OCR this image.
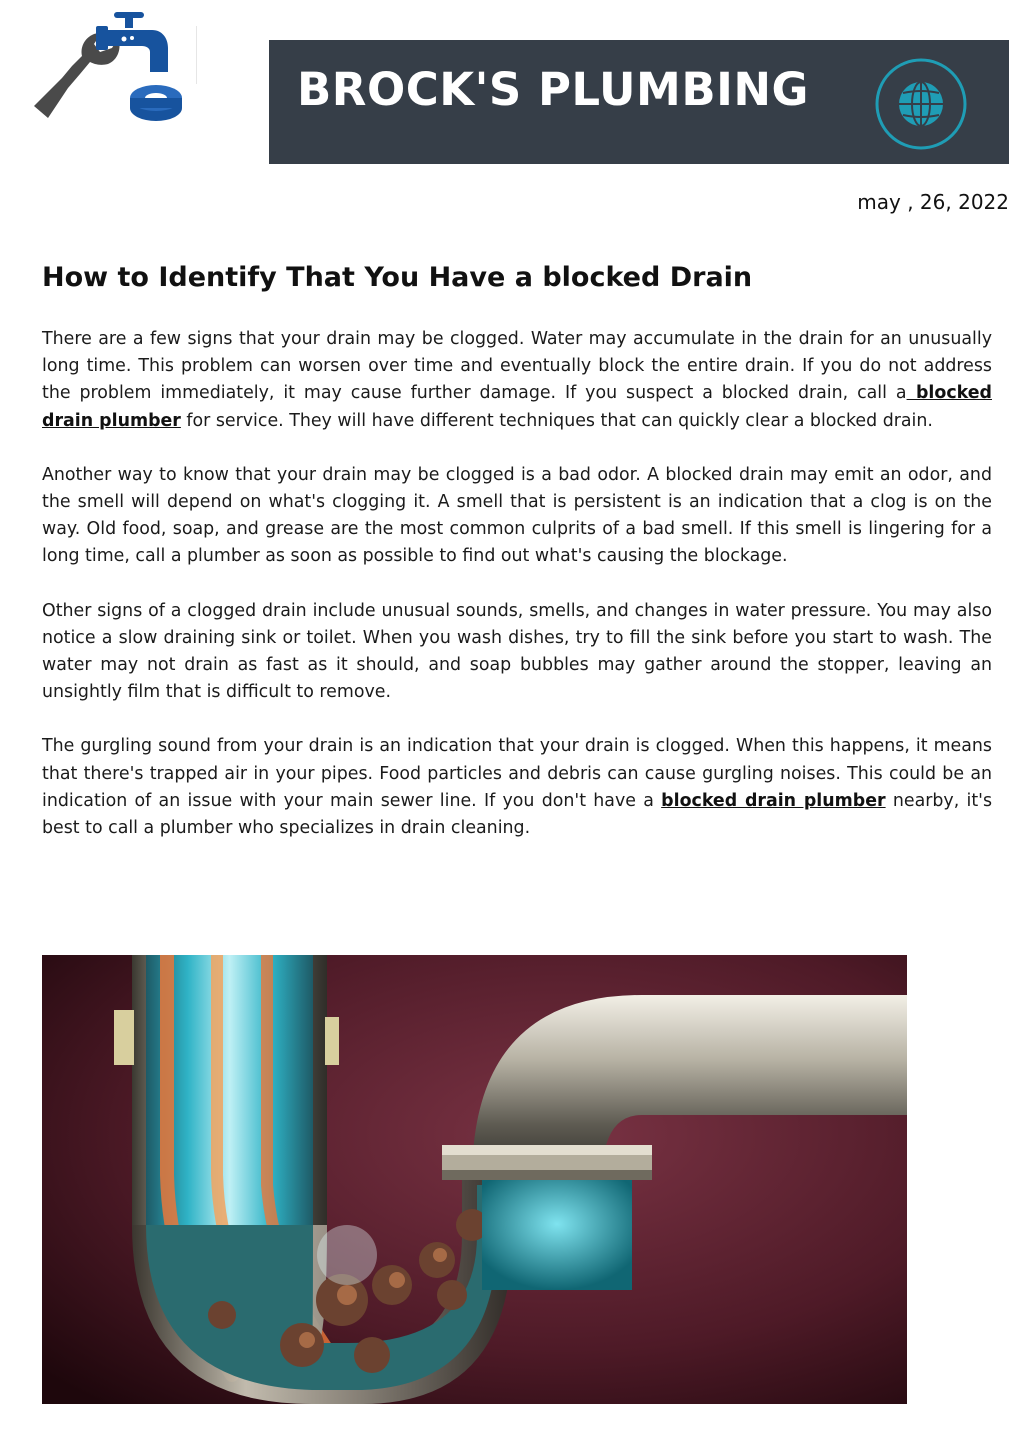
BROCK'S PLUMBING
may , 26, 2022
How to Identify That You Have a blocked Drain

There are a few signs that your drain may be clogged. Water may accumulate in the drain for an unusually long time. This problem can worsen over time and eventually block the entire drain. If you do not address the problem immediately, it may cause further damage. If you suspect a blocked drain, call a blocked drain plumber for service. They will have different techniques that can quickly clear a blocked drain.

Another way to know that your drain may be clogged is a bad odor. A blocked drain may emit an odor, and the smell will depend on what's clogging it. A smell that is persistent is an indication that a clog is on the way. Old food, soap, and grease are the most common culprits of a bad smell. If this smell is lingering for a long time, call a plumber as soon as possible to find out what's causing the blockage.

Other signs of a clogged drain include unusual sounds, smells, and changes in water pressure. You may also notice a slow draining sink or toilet. When you wash dishes, try to fill the sink before you start to wash. The water may not drain as fast as it should, and soap bubbles may gather around the stopper, leaving an unsightly film that is difficult to remove.

The gurgling sound from your drain is an indication that your drain is clogged. When this happens, it means that there's trapped air in your pipes. Food particles and debris can cause gurgling noises. This could be an indication of an issue with your main sewer line. If you don't have a blocked drain plumber nearby, it's best to call a plumber who specializes in drain cleaning.
